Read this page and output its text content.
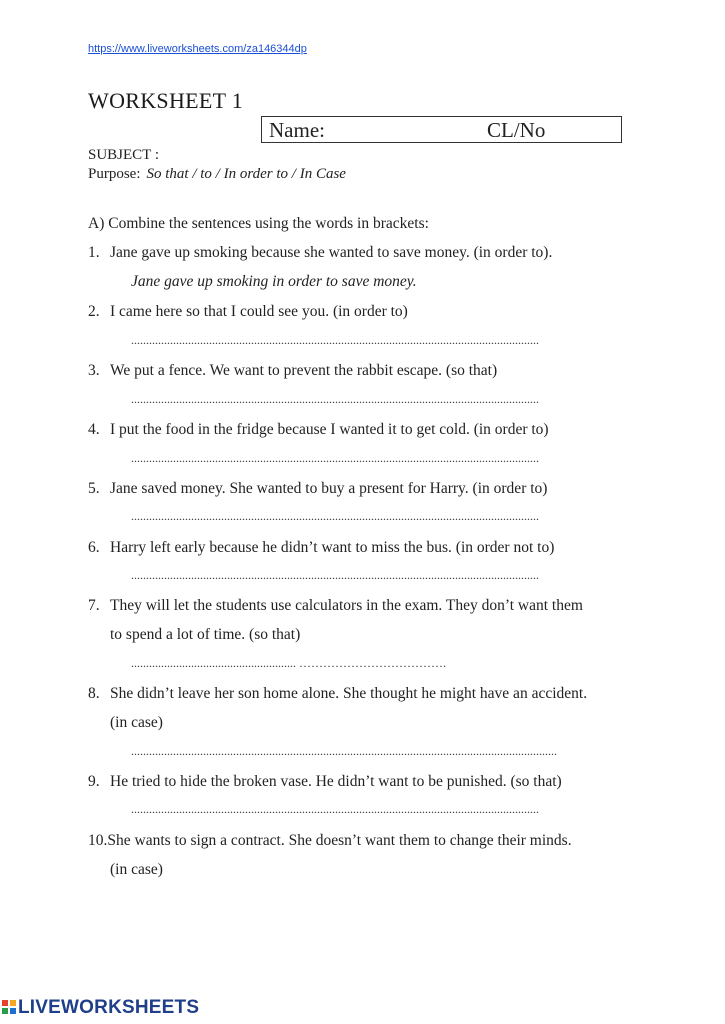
https://www.liveworksheets.com/za146344dp
WORKSHEET 1
Name:	CL/No
SUBJECT :
Purpose: So that / to / In order to / In Case
A) Combine the sentences using the words in brackets:
1. Jane gave up smoking because she wanted to save money. (in order to).
Jane gave up smoking in order to save money.
2. I came here so that I could see you. (in order to)
........................................................................................................................................
3. We put a fence. We want to prevent the rabbit escape. (so that)
........................................................................................................................................
4. I put the food in the fridge because I wanted it to get cold. (in order to)
........................................................................................................................................
5. Jane saved money. She wanted to buy a present for Harry. (in order to)
........................................................................................................................................
6. Harry left early because he didn’t want to miss the bus. (in order not to)
........................................................................................................................................
7. They will let the students use calculators in the exam. They don’t want them
to spend a lot of time. (so that)
....................................................... ……………………………….
8. She didn’t leave her son home alone. She thought he might have an accident.
(in case)
..............................................................................................................................................
9. He tried to hide the broken vase. He didn’t want to be punished. (so that)
........................................................................................................................................
10.She wants to sign a contract. She doesn’t want them to change their minds.
(in case)
LIVEWORKSHEETS
